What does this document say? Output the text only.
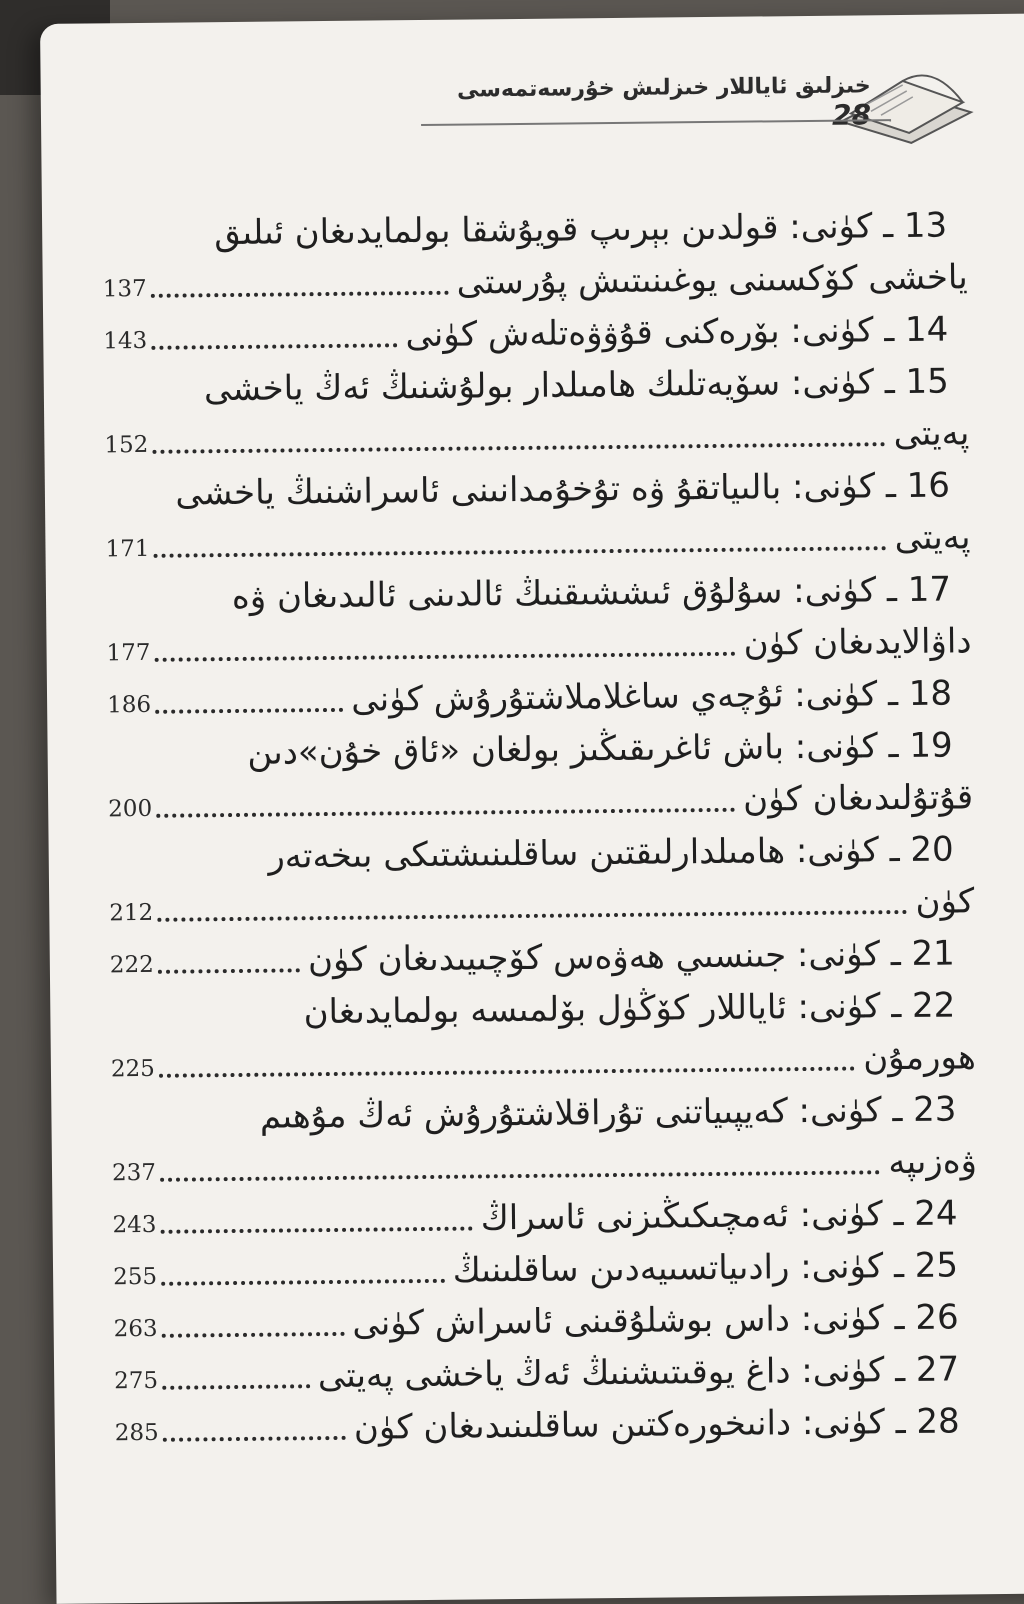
خىزلىق ئاياللار خىزلىش خۇرسەتمەسى 28
13 ـ كۈنى: قولدىن بېرىپ قويۇشقا بولمايدىغان ئىلىق
ياخشى كۆكسىنى يوغىنىتىش پۇرستى
137
14 ـ كۈنى: بۆرەكنى قۇۋۋەتلەش كۈنى
143
15 ـ كۈنى: سۆيەتلىك ھامىلدار بولۇشنىڭ ئەڭ ياخشى
پەيتى
152
16 ـ كۈنى: بالىياتقۇ ۋە تۇخۇمدانىنى ئاسراشنىڭ ياخشى
پەيتى
171
17 ـ كۈنى: سۇلۇق ئىششىقنىڭ ئالدىنى ئالىدىغان ۋە
داۋالايدىغان كۈن
177
18 ـ كۈنى: ئۇچەي ساغلاملاشتۇرۇش كۈنى
186
19 ـ كۈنى: باش ئاغرىقىڭىز بولغان «ئاق خۇن»دىن
قۇتۇلىدىغان كۈن
200
20 ـ كۈنى: ھامىلدارلىقتىن ساقلىنىشتىكى بىخەتەر
كۈن
212
21 ـ كۈنى: جىنسىي ھەۋەس كۆچىيىدىغان كۈن
222
22 ـ كۈنى: ئاياللار كۆڭۈل بۆلمىسە بولمايدىغان
ھورمۇن
225
23 ـ كۈنى: كەيپىياتنى تۇراقلاشتۇرۇش ئەڭ مۇھىم
ۋەزىپە
237
24 ـ كۈنى: ئەمچىكىڭىزنى ئاسراڭ
243
25 ـ كۈنى: رادىياتسىيەدىن ساقلىنىڭ
255
26 ـ كۈنى: داس بوشلۇقىنى ئاسراش كۈنى
263
27 ـ كۈنى: داغ يوقىتىشنىڭ ئەڭ ياخشى پەيتى
275
28 ـ كۈنى: دانىخورەكتىن ساقلىنىدىغان كۈن
285
